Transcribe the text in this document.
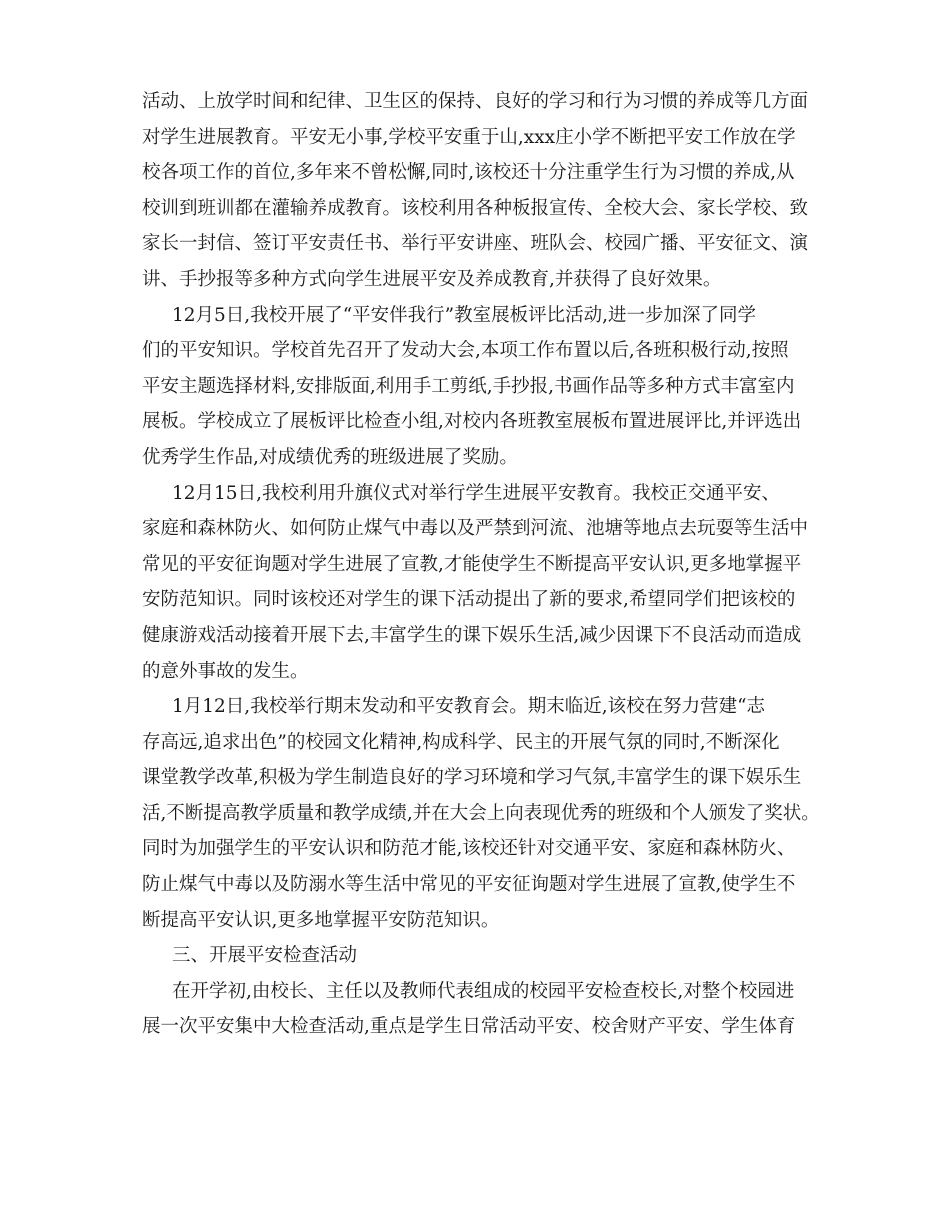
活动、上放学时间和纪律、卫生区的保持、良好的学习和行为习惯的养成等几方面
对学生进展教育。平安无小事,学校平安重于山,xxx庄小学不断把平安工作放在学
校各项工作的首位,多年来不曾松懈,同时,该校还十分注重学生行为习惯的养成,从
校训到班训都在灌输养成教育。该校利用各种板报宣传、全校大会、家长学校、致
家长一封信、签订平安责任书、举行平安讲座、班队会、校园广播、平安征文、演
讲、手抄报等多种方式向学生进展平安及养成教育,并获得了良好效果。
12月5日,我校开展了“平安伴我行”教室展板评比活动,进一步加深了同学
们的平安知识。学校首先召开了发动大会,本项工作布置以后,各班积极行动,按照
平安主题选择材料,安排版面,利用手工剪纸,手抄报,书画作品等多种方式丰富室内
展板。学校成立了展板评比检查小组,对校内各班教室展板布置进展评比,并评选出
优秀学生作品,对成绩优秀的班级进展了奖励。
12月15日,我校利用升旗仪式对举行学生进展平安教育。我校正交通平安、
家庭和森林防火、如何防止煤气中毒以及严禁到河流、池塘等地点去玩耍等生活中
常见的平安征询题对学生进展了宣教,才能使学生不断提高平安认识,更多地掌握平
安防范知识。同时该校还对学生的课下活动提出了新的要求,希望同学们把该校的
健康游戏活动接着开展下去,丰富学生的课下娱乐生活,减少因课下不良活动而造成
的意外事故的发生。
1月12日,我校举行期末发动和平安教育会。期末临近,该校在努力营建“志
存高远,追求出色”的校园文化精神,构成科学、民主的开展气氛的同时,不断深化
课堂教学改革,积极为学生制造良好的学习环境和学习气氛,丰富学生的课下娱乐生
活,不断提高教学质量和教学成绩,并在大会上向表现优秀的班级和个人颁发了奖状。
同时为加强学生的平安认识和防范才能,该校还针对交通平安、家庭和森林防火、
防止煤气中毒以及防溺水等生活中常见的平安征询题对学生进展了宣教,使学生不
断提高平安认识,更多地掌握平安防范知识。
三、开展平安检查活动
在开学初,由校长、主任以及教师代表组成的校园平安检查校长,对整个校园进
展一次平安集中大检查活动,重点是学生日常活动平安、校舍财产平安、学生体育
